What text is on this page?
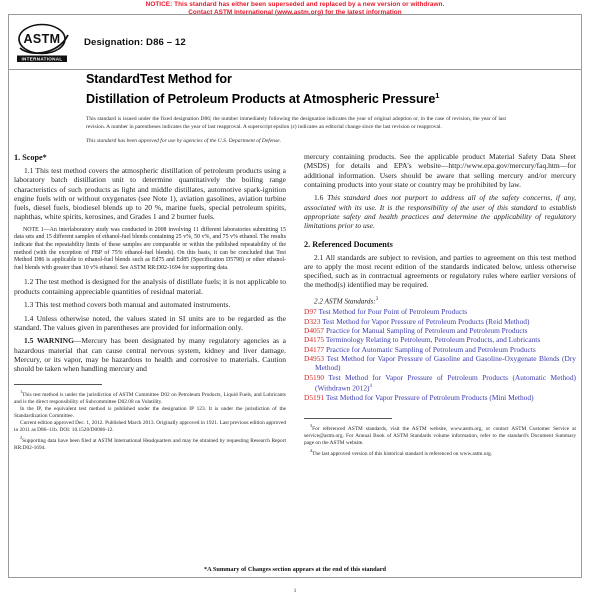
NOTICE: This standard has either been superseded and replaced by a new version or withdrawn.
Contact ASTM International (www.astm.org) for the latest information
ASTM
INTERNATIONAL
Designation: D86 – 12
StandardTest Method for
Distillation of Petroleum Products at Atmospheric Pressure$^1$
This standard is issued under the fixed designation D86; the number immediately following the designation indicates the year of original adoption or, in the case of revision, the year of last revision. A number in parentheses indicates the year of last reapproval. A superscript epsilon (ε) indicates an editorial change since the last revision or reapproval.
This standard has been approved for use by agencies of the U.S. Department of Defense.
1. Scope*

1.1 This test method covers the atmospheric distillation of petroleum products using a laboratory batch distillation unit to determine quantitatively the boiling range characteristics of such products as light and middle distillates, automotive spark-ignition engine fuels with or without oxygenates (see Note 1), aviation gasolines, aviation turbine fuels, diesel fuels, biodiesel blends up to 20 %, marine fuels, special petroleum spirits, naphthas, white spirits, kerosines, and Grades 1 and 2 burner fuels.

NOTE 1—An interlaboratory study was conducted in 2008 involving 11 different laboratories submitting 15 data sets and 15 different samples of ethanol-fuel blends containing 25 v%, 50 v%, and 75 v% ethanol. The results indicate that the repeatability limits of these samples are comparable or within the published repeatability of the method (with the exception of FBP of 75% ethanol-fuel blends). On this basis, it can be concluded that Test Method D86 is applicable to ethanol-fuel blends such as Ed75 and Ed85 (Specification D5798) or other ethanol-fuel blends with greater than 10 v% ethanol. See ASTM RR:D02-1694 for supporting data.

1.2 The test method is designed for the analysis of distillate fuels; it is not applicable to products containing appreciable quantities of residual material.

1.3 This test method covers both manual and automated instruments.

1.4 Unless otherwise noted, the values stated in SI units are to be regarded as the standard. The values given in parentheses are provided for information only.

1.5 WARNING—Mercury has been designated by many regulatory agencies as a hazardous material that can cause central nervous system, kidney and liver damage. Mercury, or its vapor, may be hazardous to health and corrosive to materials. Caution should be taken when handling mercury and

$^1$This test method is under the jurisdiction of ASTM Committee D02 on Petroleum Products, Liquid Fuels, and Lubricants and is the direct responsibility of Subcommittee D02.08 on Volatility.

In the IP, the equivalent test method is published under the designation IP 123. It is under the jurisdiction of the Standardization Committee.

Current edition approved Dec. 1, 2012. Published March 2013. Originally approved in 1921. Last previous edition approved in 2011 as D86–11b. DOI: 10.1520/D0086-12.

$^2$Supporting data have been filed at ASTM International Headquarters and may be obtained by requesting Research Report RR:D02-1694.

mercury containing products. See the applicable product Material Safety Data Sheet (MSDS) for details and EPA's website—http://www.epa.gov/mercury/faq.htm—for additional information. Users should be aware that selling mercury and/or mercury containing products into your state or country may be prohibited by law.

1.6 This standard does not purport to address all of the safety concerns, if any, associated with its use. It is the responsibility of the user of this standard to establish appropriate safety and health practices and determine the applicability of regulatory limitations prior to use.

2. Referenced Documents

2.1 All standards are subject to revision, and parties to agreement on this test method are to apply the most recent edition of the standards indicated below, unless otherwise specified, such as in contractual agreements or regulatory rules where earlier versions of the method(s) identified may be required.

2.2 ASTM Standards:$^3$
D97 Test Method for Pour Point of Petroleum Products
D323 Test Method for Vapor Pressure of Petroleum Products (Reid Method)
D4057 Practice for Manual Sampling of Petroleum and Petroleum Products
D4175 Terminology Relating to Petroleum, Petroleum Products, and Lubricants
D4177 Practice for Automatic Sampling of Petroleum and Petroleum Products
D4953 Test Method for Vapor Pressure of Gasoline and Gasoline-Oxygenate Blends (Dry Method)
D5190 Test Method for Vapor Pressure of Petroleum Products (Automatic Method) (Withdrawn 2012)$^4$
D5191 Test Method for Vapor Pressure of Petroleum Products (Mini Method)

$^3$For referenced ASTM standards, visit the ASTM website, www.astm.org, or contact ASTM Customer Service at service@astm.org. For Annual Book of ASTM Standards volume information, refer to the standard's Document Summary page on the ASTM website.

$^4$The last approved version of this historical standard is referenced on www.astm.org.

*A Summary of Changes section appears at the end of this standard
1
